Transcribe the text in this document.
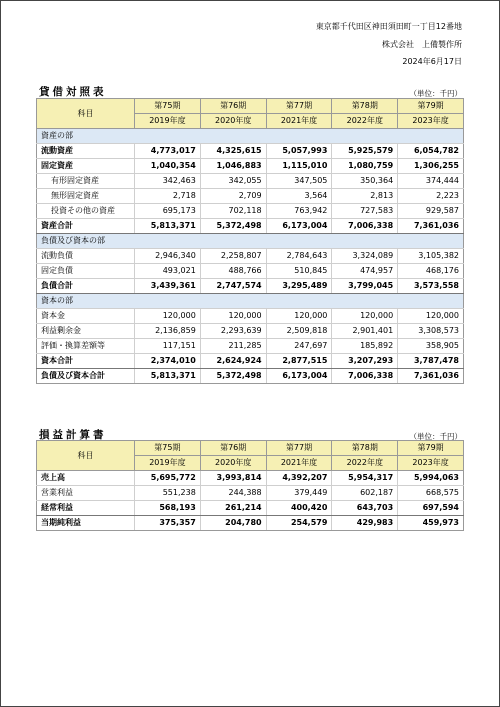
東京都千代田区神田須田町一丁目12番地
株式会社　上備製作所
2024年6月17日
貸借対照表	（単位：千円）
科目	第75期	第76期	第77期	第78期	第79期
	2019年度	2020年度	2021年度	2022年度	2023年度
資産の部					
流動資産	4,773,017	4,325,615	5,057,993	5,925,579	6,054,782
固定資産	1,040,354	1,046,883	1,115,010	1,080,759	1,306,255
有形固定資産	342,463	342,055	347,505	350,364	374,444
無形固定資産	2,718	2,709	3,564	2,813	2,223
投資その他の資産	695,173	702,118	763,942	727,583	929,587
資産合計	5,813,371	5,372,498	6,173,004	7,006,338	7,361,036
負債及び資本の部					
流動負債	2,946,340	2,258,807	2,784,643	3,324,089	3,105,382
固定負債	493,021	488,766	510,845	474,957	468,176
負債合計	3,439,361	2,747,574	3,295,489	3,799,045	3,573,558
資本の部					
資本金	120,000	120,000	120,000	120,000	120,000
利益剰余金	2,136,859	2,293,639	2,509,818	2,901,401	3,308,573
評価・換算差額等	117,151	211,285	247,697	185,892	358,905
資本合計	2,374,010	2,624,924	2,877,515	3,207,293	3,787,478
負債及び資本合計	5,813,371	5,372,498	6,173,004	7,006,338	7,361,036
損益計算書	（単位：千円）
科目	第75期	第76期	第77期	第78期	第79期
	2019年度	2020年度	2021年度	2022年度	2023年度
売上高	5,695,772	3,993,814	4,392,207	5,954,317	5,994,063
営業利益	551,238	244,388	379,449	602,187	668,575
経常利益	568,193	261,214	400,420	643,703	697,594
当期純利益	375,357	204,780	254,579	429,983	459,973
